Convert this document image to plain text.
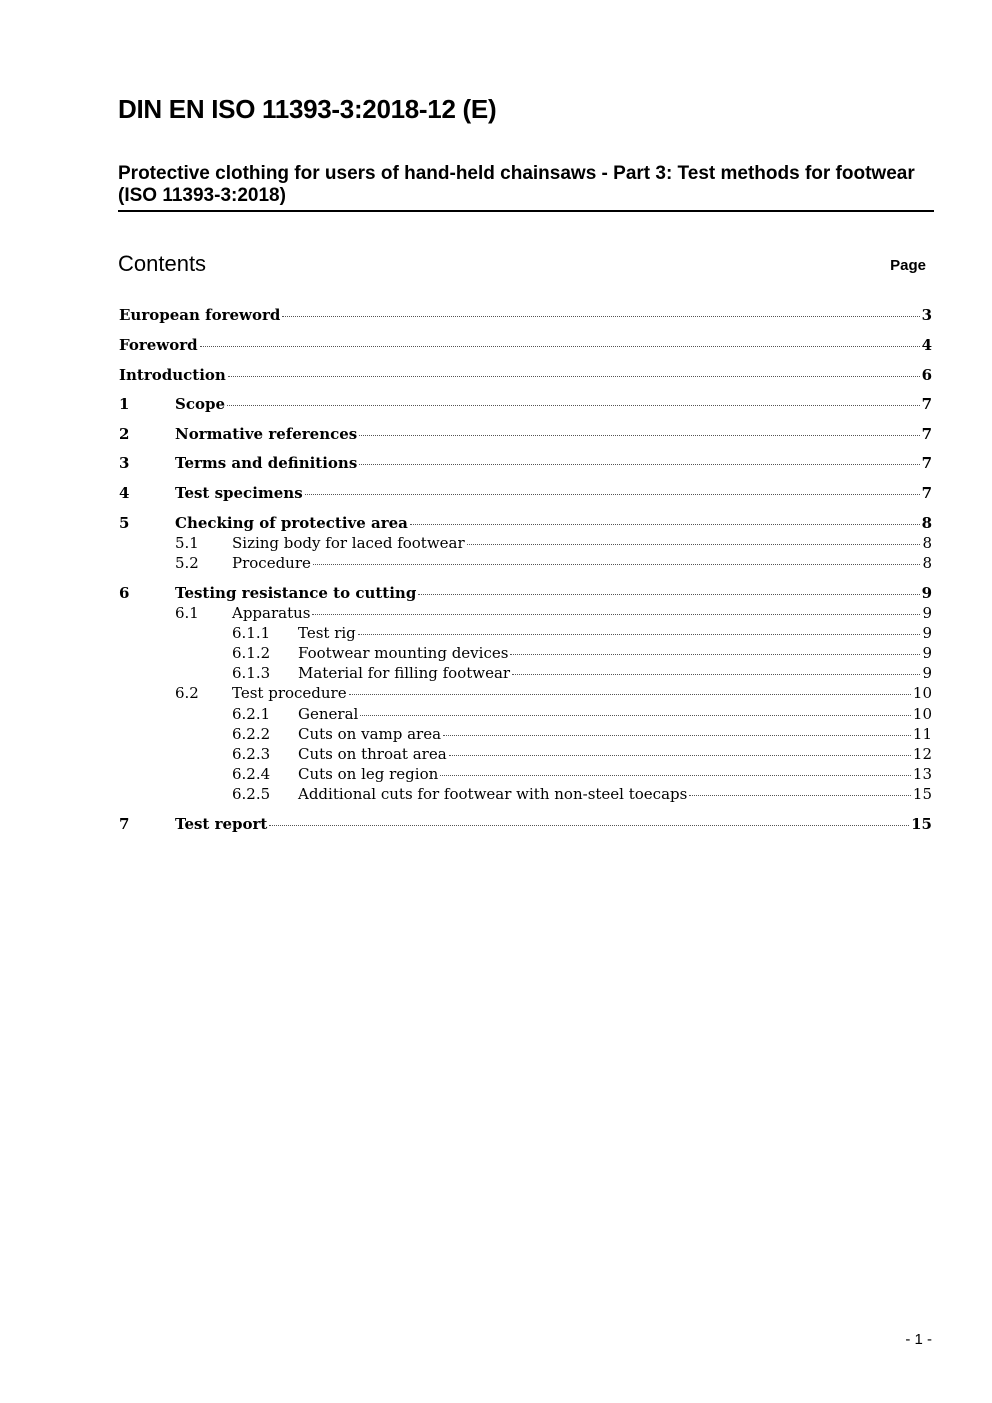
DIN EN ISO 11393-3:2018-12 (E)
Protective clothing for users of hand-held chainsaws - Part 3: Test methods for footwear (ISO 11393-3:2018)
Contents	Page
European foreword	3
Foreword	4
Introduction	6
1	Scope	7
2	Normative references	7
3	Terms and definitions	7
4	Test specimens	7
5	Checking of protective area	8
5.1	Sizing body for laced footwear	8
5.2	Procedure	8
6	Testing resistance to cutting	9
6.1	Apparatus	9
6.1.1	Test rig	9
6.1.2	Footwear mounting devices	9
6.1.3	Material for filling footwear	9
6.2	Test procedure	10
6.2.1	General	10
6.2.2	Cuts on vamp area	11
6.2.3	Cuts on throat area	12
6.2.4	Cuts on leg region	13
6.2.5	Additional cuts for footwear with non-steel toecaps	15
7	Test report	15
- 1 -
